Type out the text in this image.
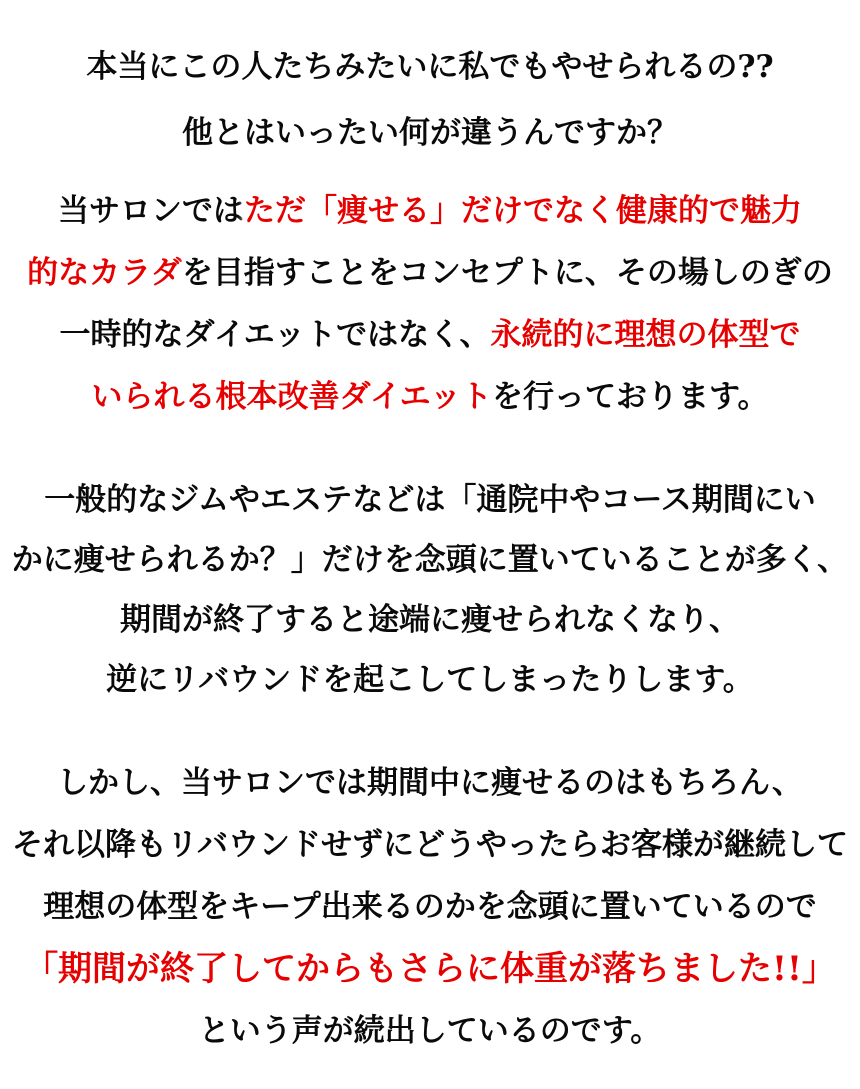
本当にこの人たちみたいに私でもやせられるの??
他とはいったい何が違うんですか？
当サロンではただ「痩せる」だけでなく健康的で魅力
的なカラダを目指すことをコンセプトに、その場しのぎの
一時的なダイエットではなく、永続的に理想の体型で
いられる根本改善ダイエットを行っております。
一般的なジムやエステなどは「通院中やコース期間にい
かに痩せられるか？」だけを念頭に置いていることが多く、
期間が終了すると途端に痩せられなくなり、
逆にリバウンドを起こしてしまったりします。
しかし、当サロンでは期間中に痩せるのはもちろん、
それ以降もリバウンドせずにどうやったらお客様が継続して
理想の体型をキープ出来るのかを念頭に置いているので
「期間が終了してからもさらに体重が落ちました!!」
という声が続出しているのです。
